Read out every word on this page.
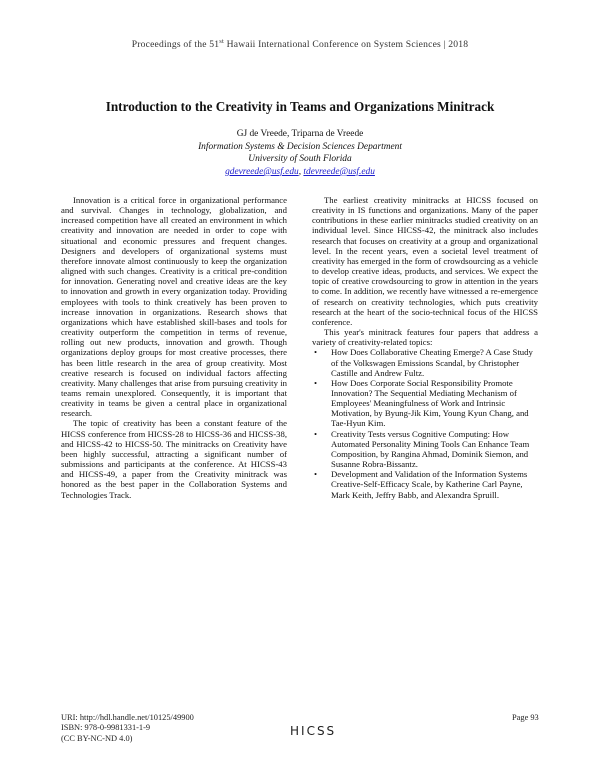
Proceedings of the 51st Hawaii International Conference on System Sciences | 2018
Introduction to the Creativity in Teams and Organizations Minitrack
GJ de Vreede, Triparna de Vreede
Information Systems & Decision Sciences Department
University of South Florida
gdevreede@usf.edu, tdevreede@usf.edu

Innovation is a critical force in organizational performance and survival. Changes in technology, globalization, and increased competition have all created an environment in which creativity and innovation are needed in order to cope with situational and economic pressures and frequent changes. Designers and developers of organizational systems must therefore innovate almost continuously to keep the organization aligned with such changes. Creativity is a critical pre-condition for innovation. Generating novel and creative ideas are the key to innovation and growth in every organization today. Providing employees with tools to think creatively has been proven to increase innovation in organizations. Research shows that organizations which have established skill-bases and tools for creativity outperform the competition in terms of revenue, rolling out new products, innovation and growth. Though organizations deploy groups for most creative processes, there has been little research in the area of group creativity. Most creative research is focused on individual factors affecting creativity. Many challenges that arise from pursuing creativity in teams remain unexplored. Consequently, it is important that creativity in teams be given a central place in organizational research.

The topic of creativity has been a constant feature of the HICSS conference from HICSS-28 to HICSS-36 and HICSS-38, and HICSS-42 to HICSS-50. The minitracks on Creativity have been highly successful, attracting a significant number of submissions and participants at the conference. At HICSS-43 and HICSS-49, a paper from the Creativity minitrack was honored as the best paper in the Collaboration Systems and Technologies Track.

The earliest creativity minitracks at HICSS focused on creativity in IS functions and organizations. Many of the paper contributions in these earlier minitracks studied creativity on an individual level. Since HICSS-42, the minitrack also includes research that focuses on creativity at a group and organizational level. In the recent years, even a societal level treatment of creativity has emerged in the form of crowdsourcing as a vehicle to develop creative ideas, products, and services. We expect the topic of creative crowdsourcing to grow in attention in the years to come. In addition, we recently have witnessed a re-emergence of research on creativity technologies, which puts creativity research at the heart of the socio-technical focus of the HICSS conference.

This year's minitrack features four papers that address a variety of creativity-related topics:

• How Does Collaborative Cheating Emerge? A Case Study of the Volkswagen Emissions Scandal, by Christopher Castille and Andrew Fultz.
• How Does Corporate Social Responsibility Promote Innovation? The Sequential Mediating Mechanism of Employees' Meaningfulness of Work and Intrinsic Motivation, by Byung-Jik Kim, Young Kyun Chang, and Tae-Hyun Kim.
• Creativity Tests versus Cognitive Computing: How Automated Personality Mining Tools Can Enhance Team Composition, by Rangina Ahmad, Dominik Siemon, and Susanne Robra-Bissantz.
• Development and Validation of the Information Systems Creative-Self-Efficacy Scale, by Katherine Carl Payne, Mark Keith, Jeffry Babb, and Alexandra Spruill.
URI: http://hdl.handle.net/10125/49900
ISBN: 978-0-9981331-1-9
(CC BY-NC-ND 4.0)
Page 93
HICSS
